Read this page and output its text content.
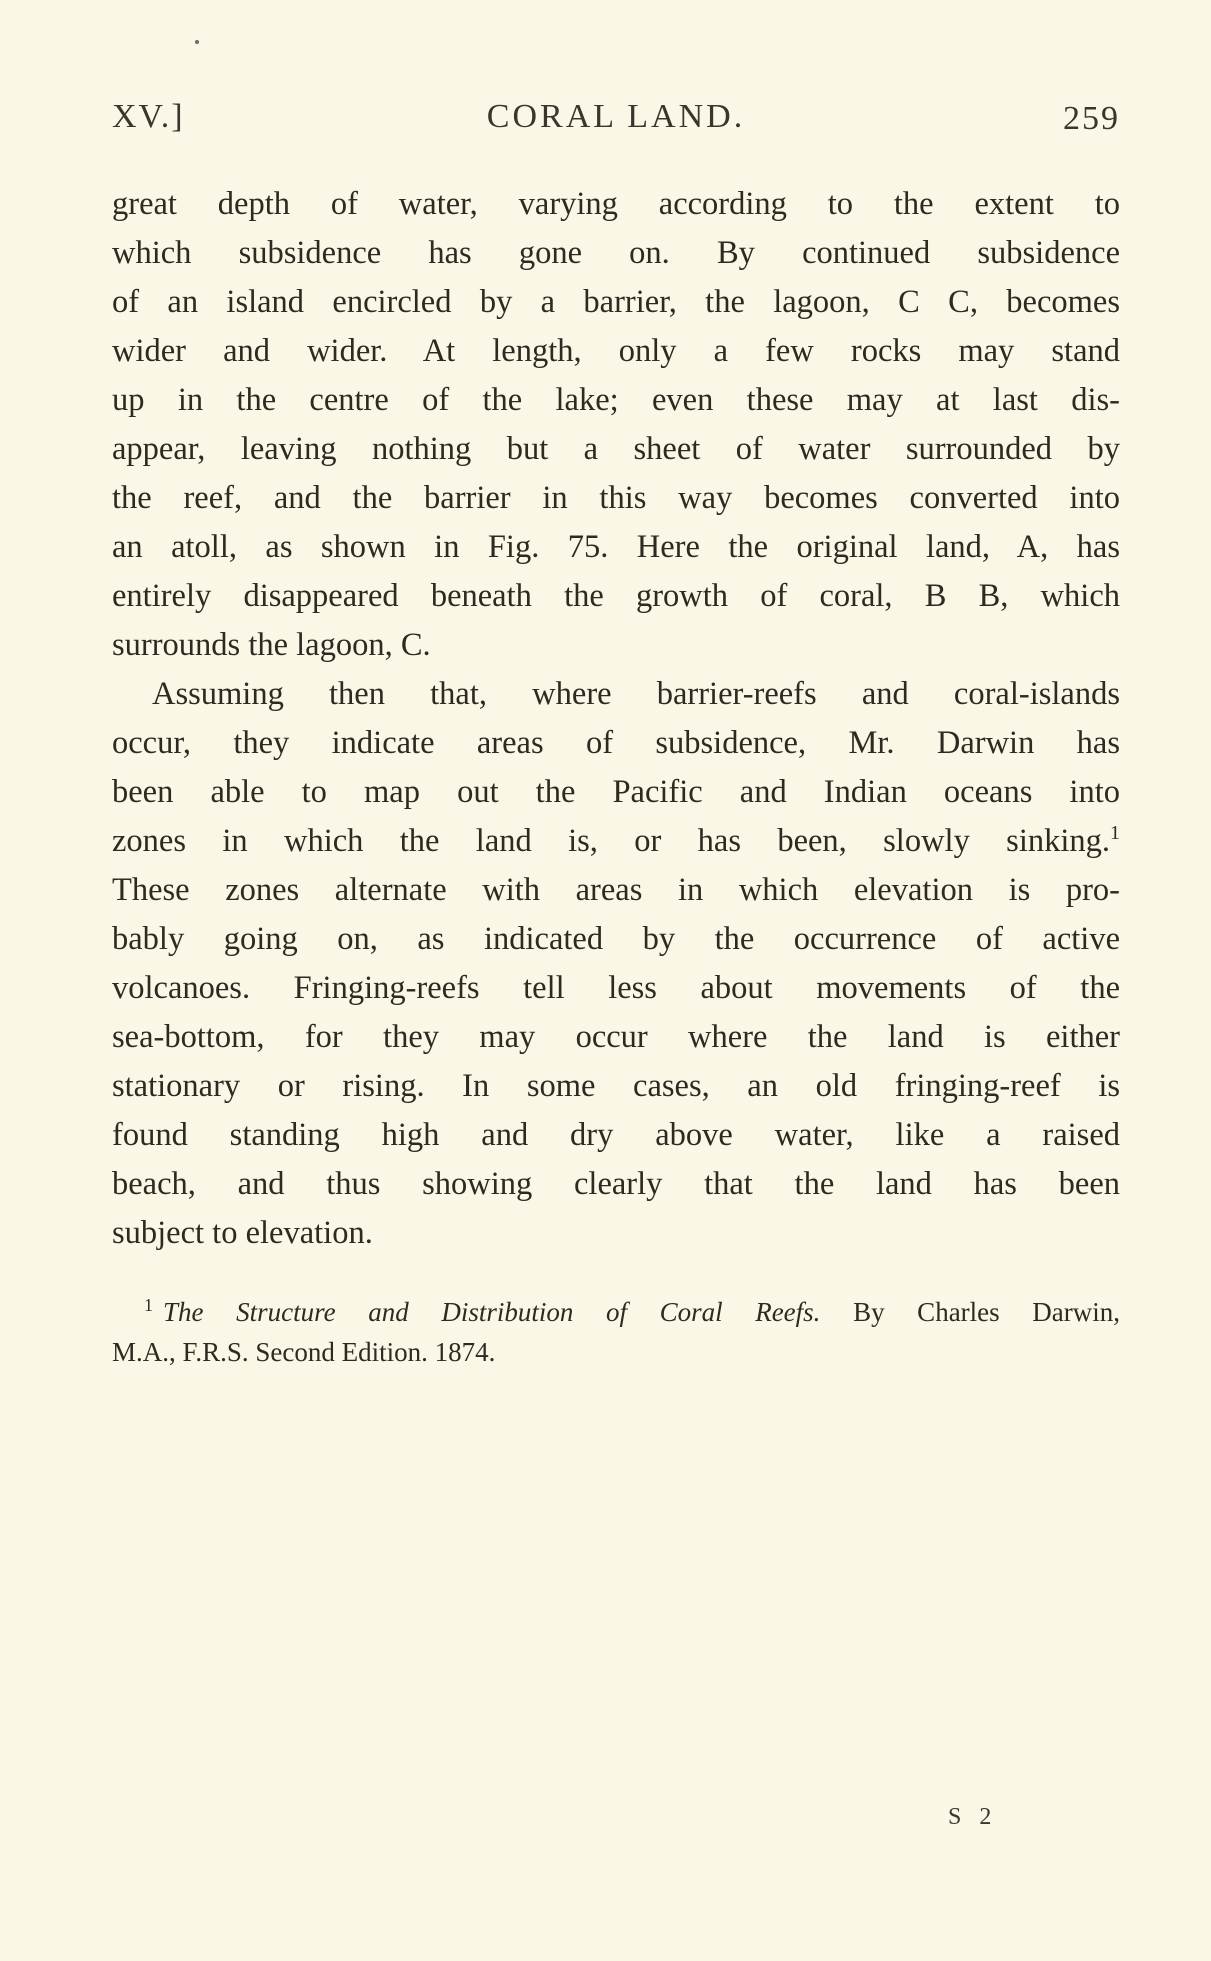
XV.]	CORAL LAND.	259
great depth of water, varying according to the extent to
which subsidence has gone on. By continued subsidence
of an island encircled by a barrier, the lagoon, C C, becomes
wider and wider. At length, only a few rocks may stand
up in the centre of the lake; even these may at last dis-
appear, leaving nothing but a sheet of water surrounded by
the reef, and the barrier in this way becomes converted into
an atoll, as shown in Fig. 75. Here the original land, A, has
entirely disappeared beneath the growth of coral, B B, which
surrounds the lagoon, C.
Assuming then that, where barrier-reefs and coral-islands
occur, they indicate areas of subsidence, Mr. Darwin has
been able to map out the Pacific and Indian oceans into
zones in which the land is, or has been, slowly sinking.$^1$
These zones alternate with areas in which elevation is pro-
bably going on, as indicated by the occurrence of active
volcanoes. Fringing-reefs tell less about movements of the
sea-bottom, for they may occur where the land is either
stationary or rising. In some cases, an old fringing-reef is
found standing high and dry above water, like a raised
beach, and thus showing clearly that the land has been
subject to elevation.
$^1$ The Structure and Distribution of Coral Reefs. By Charles Darwin,
M.A., F.R.S. Second Edition. 1874.
S 2
